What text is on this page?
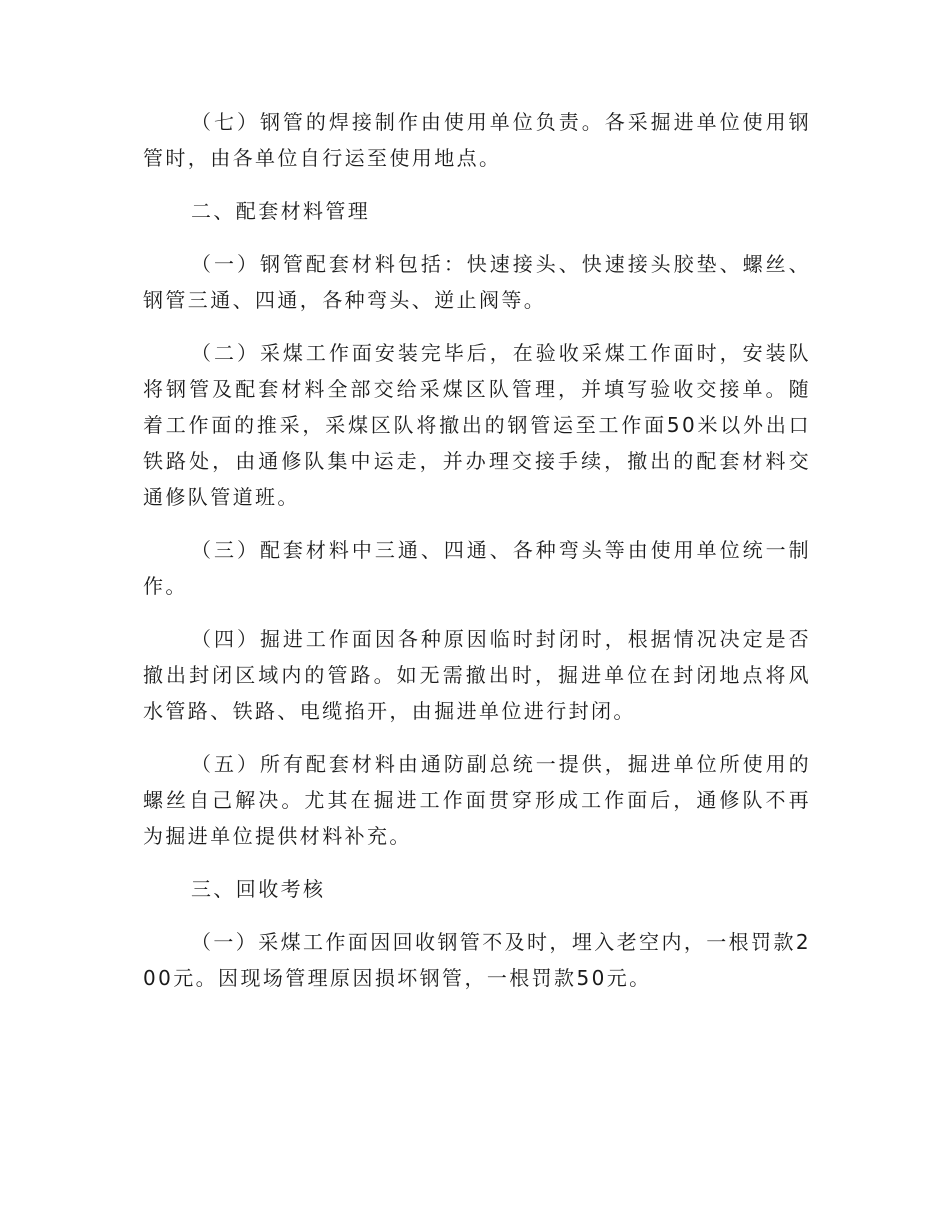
（七）钢管的焊接制作由使用单位负责。各采掘进单位使用钢管时，由各单位自行运至使用地点。

二、配套材料管理

（一）钢管配套材料包括：快速接头、快速接头胶垫、螺丝、钢管三通、四通，各种弯头、逆止阀等。

（二）采煤工作面安装完毕后，在验收采煤工作面时，安装队将钢管及配套材料全部交给采煤区队管理，并填写验收交接单。随着工作面的推采，采煤区队将撤出的钢管运至工作面50米以外出口铁路处，由通修队集中运走，并办理交接手续，撤出的配套材料交通修队管道班。

（三）配套材料中三通、四通、各种弯头等由使用单位统一制作。

（四）掘进工作面因各种原因临时封闭时，根据情况决定是否撤出封闭区域内的管路。如无需撤出时，掘进单位在封闭地点将风水管路、铁路、电缆掐开，由掘进单位进行封闭。

（五）所有配套材料由通防副总统一提供，掘进单位所使用的螺丝自己解决。尤其在掘进工作面贯穿形成工作面后，通修队不再为掘进单位提供材料补充。

三、回收考核

（一）采煤工作面因回收钢管不及时，埋入老空内，一根罚款200元。因现场管理原因损坏钢管，一根罚款50元。
